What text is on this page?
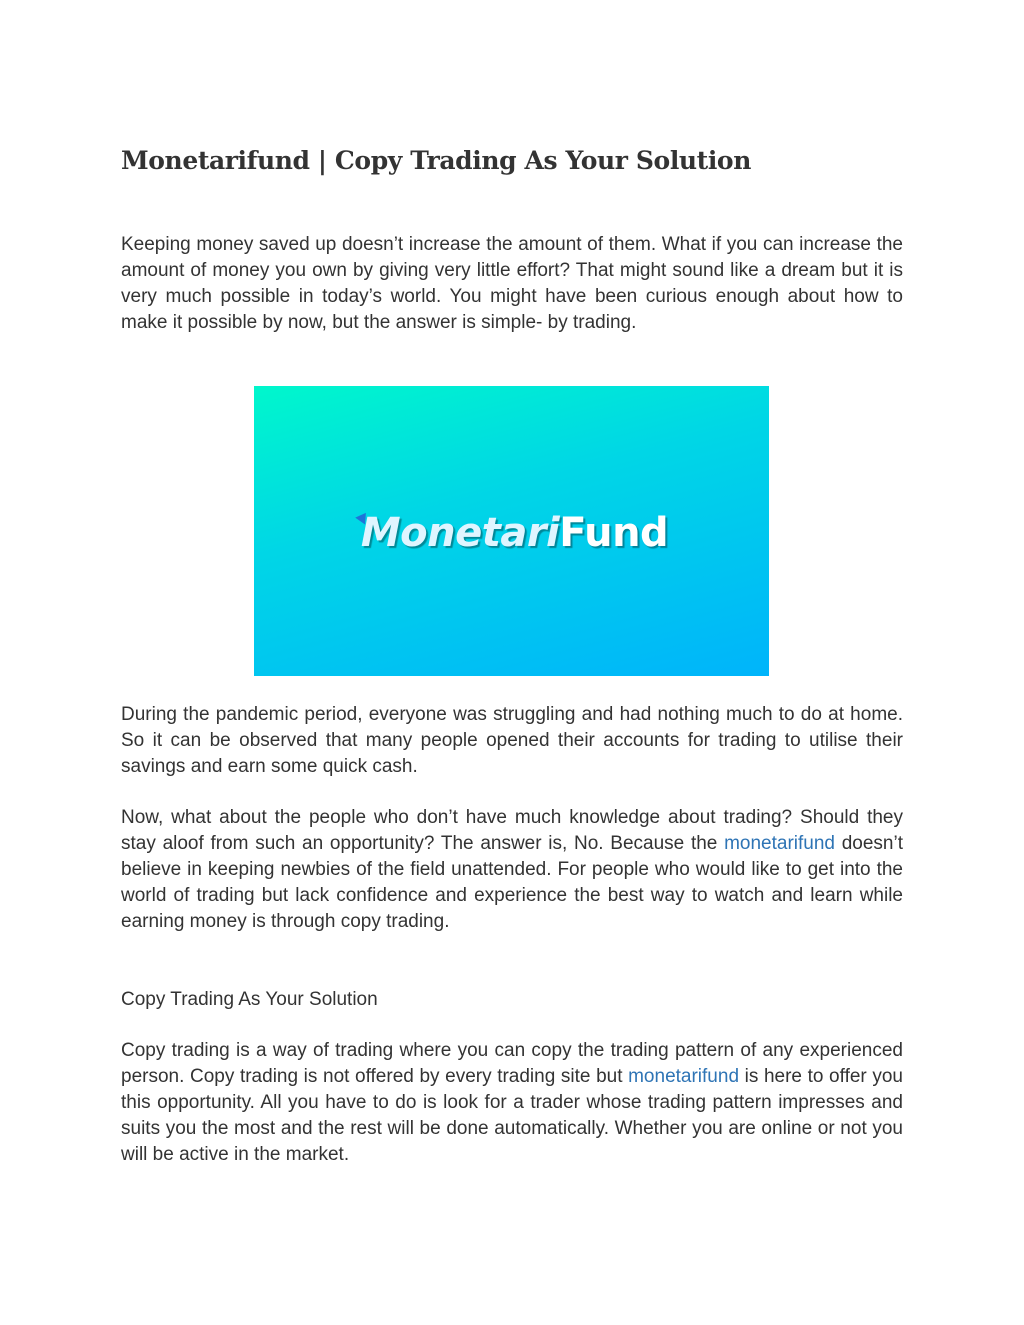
Monetarifund | Copy Trading As Your Solution

Keeping money saved up doesn’t increase the amount of them. What if you can increase the amount of money you own by giving very little effort? That might sound like a dream but it is very much possible in today’s world. You might have been curious enough about how to make it possible by now, but the answer is simple- by trading.

Monetari Fund

During the pandemic period, everyone was struggling and had nothing much to do at home. So it can be observed that many people opened their accounts for trading to utilise their savings and earn some quick cash.

Now, what about the people who don’t have much knowledge about trading? Should they stay aloof from such an opportunity? The answer is, No. Because the monetarifund doesn’t believe in keeping newbies of the field unattended. For people who would like to get into the world of trading but lack confidence and experience the best way to watch and learn while earning money is through copy trading.

Copy Trading As Your Solution

Copy trading is a way of trading where you can copy the trading pattern of any experienced person. Copy trading is not offered by every trading site but monetarifund is here to offer you this opportunity. All you have to do is look for a trader whose trading pattern impresses and suits you the most and the rest will be done automatically. Whether you are online or not you will be active in the market.
